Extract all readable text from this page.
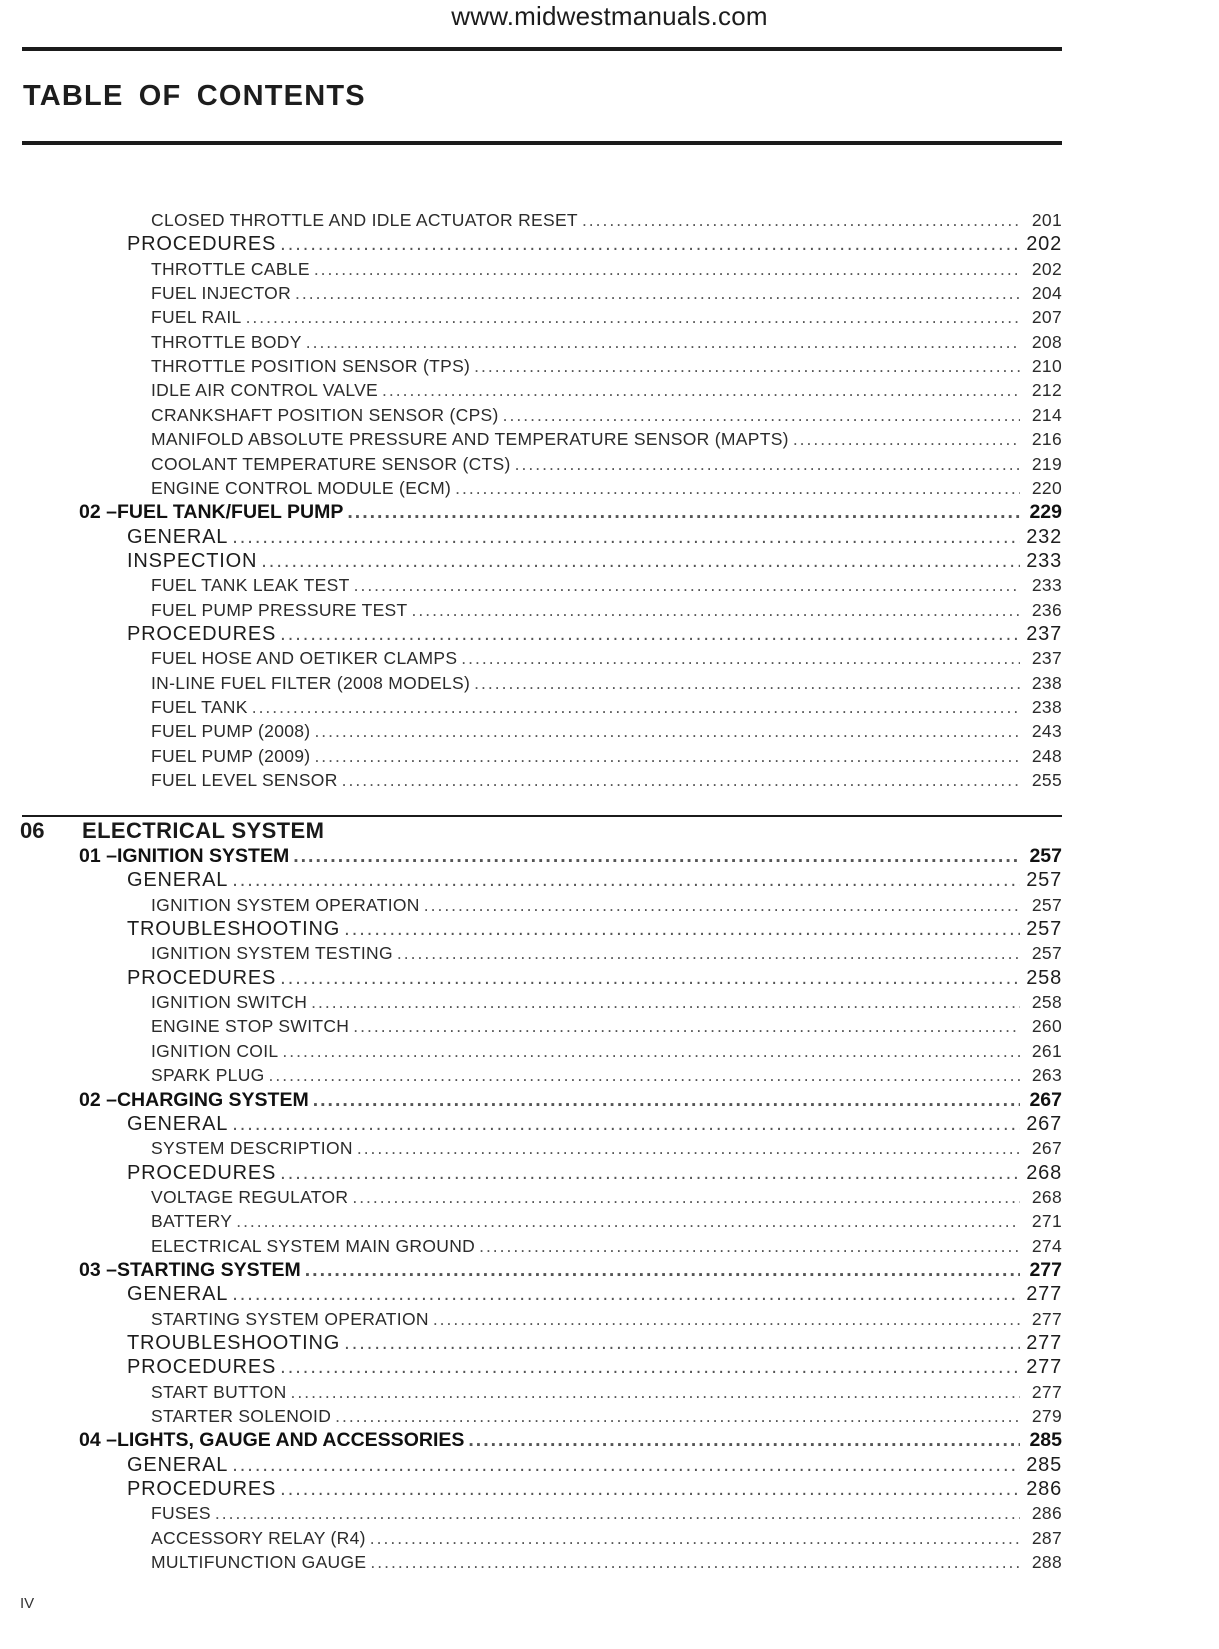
www.midwestmanuals.com
TABLE OF CONTENTS
CLOSED THROTTLE AND IDLE ACTUATOR RESET .....	201
PROCEDURES .....	202
THROTTLE CABLE .....	202
FUEL INJECTOR .....	204
FUEL RAIL .....	207
THROTTLE BODY .....	208
THROTTLE POSITION SENSOR (TPS) .....	210
IDLE AIR CONTROL VALVE .....	212
CRANKSHAFT POSITION SENSOR (CPS) .....	214
MANIFOLD ABSOLUTE PRESSURE AND TEMPERATURE SENSOR (MAPTS) .....	216
COOLANT TEMPERATURE SENSOR (CTS) .....	219
ENGINE CONTROL MODULE (ECM) .....	220
02 – FUEL TANK/FUEL PUMP .....	229
GENERAL .....	232
INSPECTION .....	233
FUEL TANK LEAK TEST .....	233
FUEL PUMP PRESSURE TEST .....	236
PROCEDURES .....	237
FUEL HOSE AND OETIKER CLAMPS .....	237
IN-LINE FUEL FILTER (2008 MODELS) .....	238
FUEL TANK .....	238
FUEL PUMP (2008) .....	243
FUEL PUMP (2009) .....	248
FUEL LEVEL SENSOR .....	255
06	ELECTRICAL SYSTEM
01 – IGNITION SYSTEM .....	257
GENERAL .....	257
IGNITION SYSTEM OPERATION .....	257
TROUBLESHOOTING .....	257
IGNITION SYSTEM TESTING .....	257
PROCEDURES .....	258
IGNITION SWITCH .....	258
ENGINE STOP SWITCH .....	260
IGNITION COIL .....	261
SPARK PLUG .....	263
02 – CHARGING SYSTEM .....	267
GENERAL .....	267
SYSTEM DESCRIPTION .....	267
PROCEDURES .....	268
VOLTAGE REGULATOR .....	268
BATTERY .....	271
ELECTRICAL SYSTEM MAIN GROUND .....	274
03 – STARTING SYSTEM .....	277
GENERAL .....	277
STARTING SYSTEM OPERATION .....	277
TROUBLESHOOTING .....	277
PROCEDURES .....	277
START BUTTON .....	277
STARTER SOLENOID .....	279
04 – LIGHTS, GAUGE AND ACCESSORIES .....	285
GENERAL .....	285
PROCEDURES .....	286
FUSES .....	286
ACCESSORY RELAY (R4) .....	287
MULTIFUNCTION GAUGE .....	288
IV
